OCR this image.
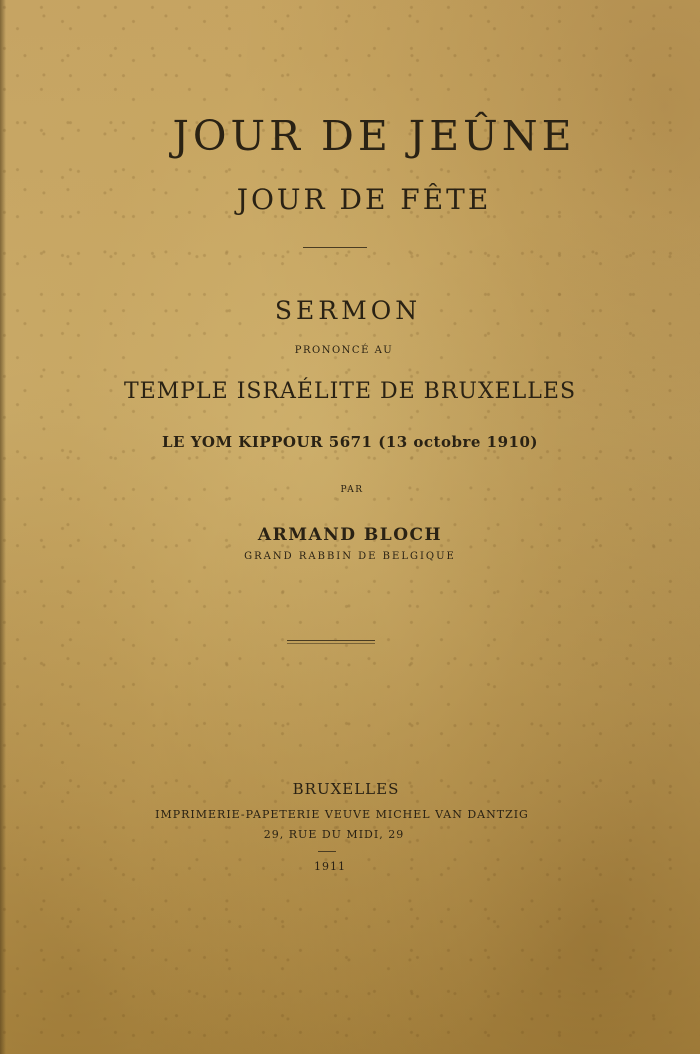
JOUR DE JEÛNE
JOUR DE FÊTE
SERMON
PRONONCÉ AU
TEMPLE ISRAÉLITE DE BRUXELLES
LE YOM KIPPOUR 5671 (13 octobre 1910)
PAR
ARMAND BLOCH
GRAND RABBIN DE BELGIQUE
BRUXELLES
IMPRIMERIE-PAPETERIE VEUVE MICHEL VAN DANTZIG
29, RUE DU MIDI, 29
1911
